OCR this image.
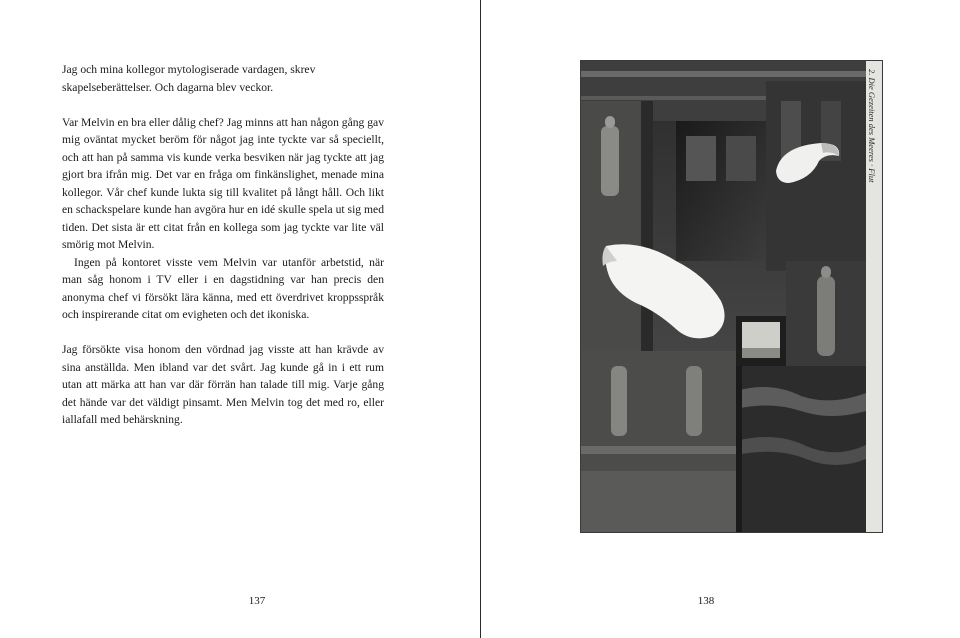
Jag och mina kollegor mytologiserade vardagen, skrev skapelseberättelser. Och dagarna blev veckor.

Var Melvin en bra eller dålig chef? Jag minns att han någon gång gav mig oväntat mycket beröm för något jag inte tyckte var så speciellt, och att han på samma vis kunde verka besviken när jag tyckte att jag gjort bra ifrån mig. Det var en fråga om finkänslighet, menade mina kollegor. Vår chef kunde lukta sig till kvalitet på långt håll. Och likt en schackspelare kunde han avgöra hur en idé skulle spela ut sig med tiden. Det sista är ett citat från en kollega som jag tyckte var lite väl smörig mot Melvin.

Ingen på kontoret visste vem Melvin var utanför arbetstid, när man såg honom i TV eller i en dagstidning var han precis den anonyma chef vi försökt lära känna, med ett överdrivet kroppsspråk och inspirerande citat om evigheten och det ikoniska.

Jag försökte visa honom den vördnad jag visste att han krävde av sina anställda. Men ibland var det svårt. Jag kunde gå in i ett rum utan att märka att han var där förrän han talade till mig. Varje gång det hände var det väldigt pinsamt. Men Melvin tog det med ro, eller iallafall med behärskning.

137
2. Die Gezeiten des Meeres · Flut
138
